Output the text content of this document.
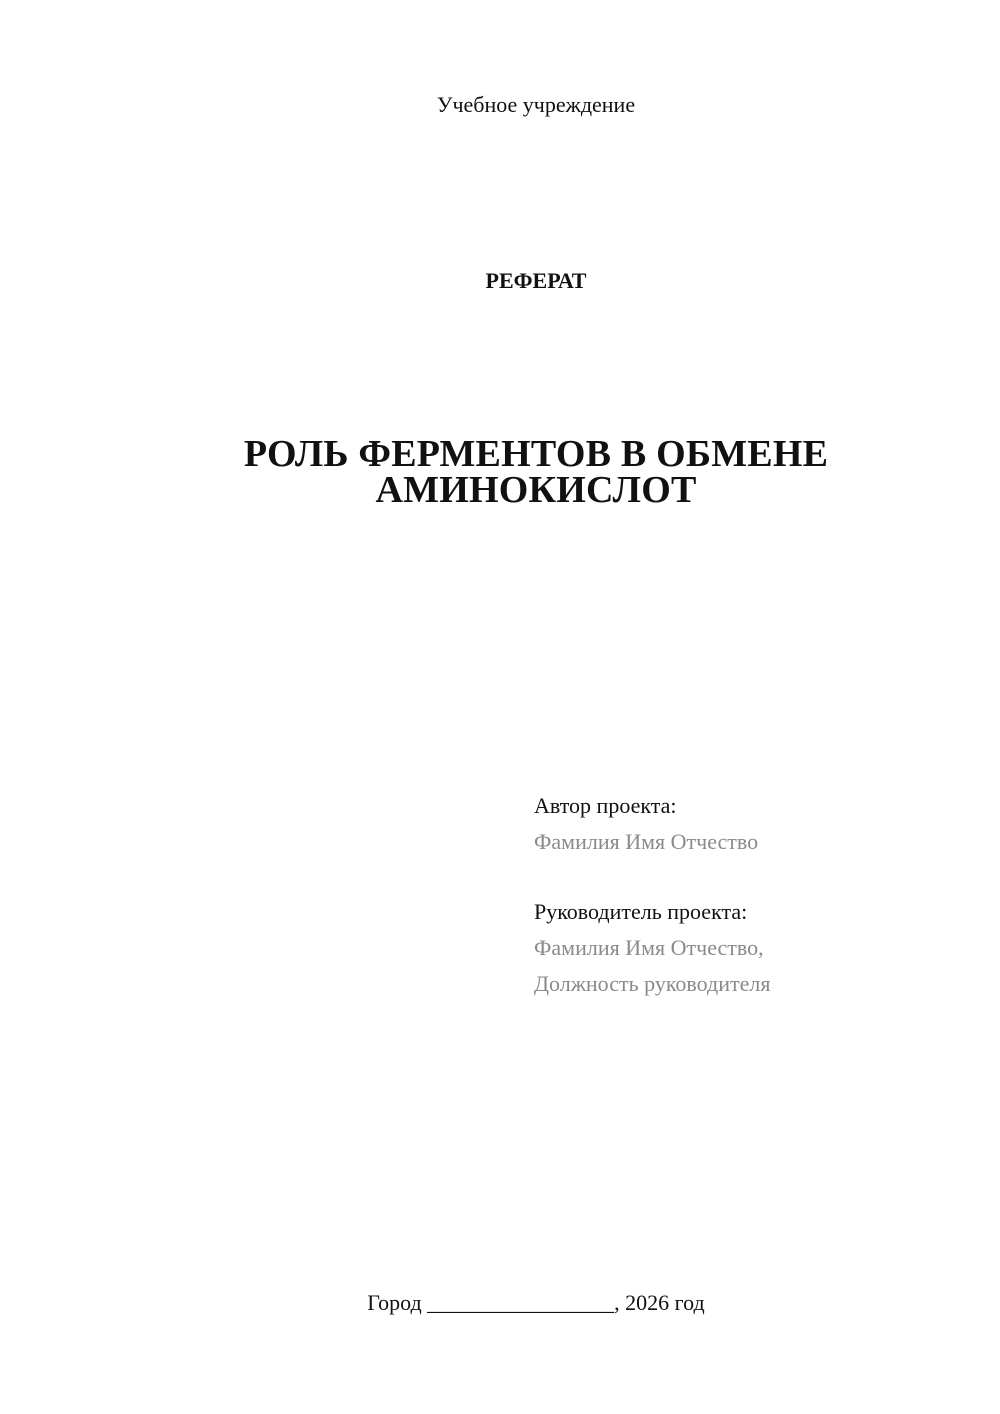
Учебное учреждение
РЕФЕРАТ
РОЛЬ ФЕРМЕНТОВ В ОБМЕНЕ
АМИНОКИСЛОТ
Автор проекта:
Фамилия Имя Отчество
Руководитель проекта:
Фамилия Имя Отчество,
Должность руководителя
Город _________________, 2026 год
